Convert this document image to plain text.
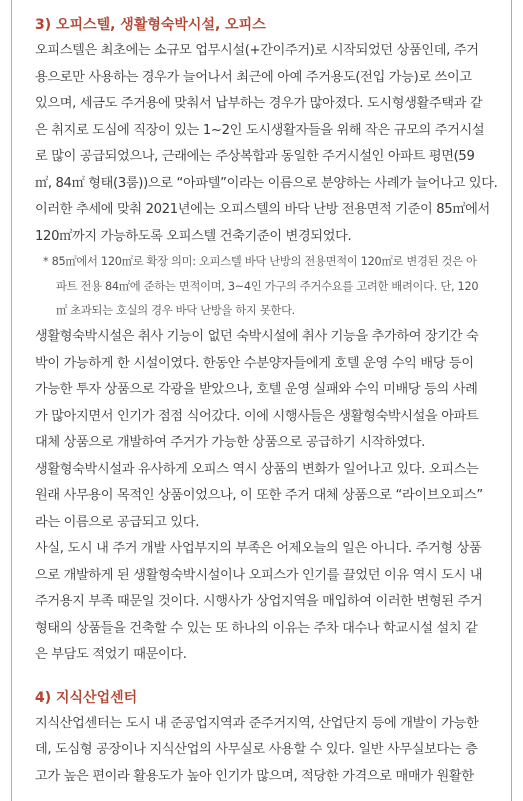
3) 오피스텔, 생활형숙박시설, 오피스
오피스텔은 최초에는 소규모 업무시설(+간이주거)로 시작되었던 상품인데, 주거
용으로만 사용하는 경우가 늘어나서 최근에 아예 주거용도(전입 가능)로 쓰이고
있으며, 세금도 주거용에 맞춰서 납부하는 경우가 많아졌다. 도시형생활주택과 같
은 취지로 도심에 직장이 있는 1~2인 도시생활자들을 위해 작은 규모의 주거시설
로 많이 공급되었으나, 근래에는 주상복합과 동일한 주거시설인 아파트 평면(59
㎡, 84㎡ 형태(3룸))으로 “아파텔”이라는 이름으로 분양하는 사례가 늘어나고 있다.
이러한 추세에 맞춰 2021년에는 오피스텔의 바닥 난방 전용면적 기준이 85㎡에서
120㎡까지 가능하도록 오피스텔 건축기준이 변경되었다.
* 85㎡에서 120㎡로 확장 의미: 오피스텔 바닥 난방의 전용면적이 120㎡로 변경된 것은 아
파트 전용 84㎡에 준하는 면적이며, 3~4인 가구의 주거수요를 고려한 배려이다. 단, 120
㎡ 초과되는 호실의 경우 바닥 난방을 하지 못한다.
생활형숙박시설은 취사 기능이 없던 숙박시설에 취사 기능을 추가하여 장기간 숙
박이 가능하게 한 시설이였다. 한동안 수분양자들에게 호텔 운영 수익 배당 등이
가능한 투자 상품으로 각광을 받았으나, 호텔 운영 실패와 수익 미배당 등의 사례
가 많아지면서 인기가 점점 식어갔다. 이에 시행사들은 생활형숙박시설을 아파트
대체 상품으로 개발하여 주거가 가능한 상품으로 공급하기 시작하였다.
생활형숙박시설과 유사하게 오피스 역시 상품의 변화가 일어나고 있다. 오피스는
원래 사무용이 목적인 상품이었으나, 이 또한 주거 대체 상품으로 “라이브오피스”
라는 이름으로 공급되고 있다.
사실, 도시 내 주거 개발 사업부지의 부족은 어제오늘의 일은 아니다. 주거형 상품
으로 개발하게 된 생활형숙박시설이나 오피스가 인기를 끌었던 이유 역시 도시 내
주거용지 부족 때문일 것이다. 시행사가 상업지역을 매입하여 이러한 변형된 주거
형태의 상품들을 건축할 수 있는 또 하나의 이유는 주차 대수나 학교시설 설치 같
은 부담도 적었기 때문이다.
4) 지식산업센터
지식산업센터는 도시 내 준공업지역과 준주거지역, 산업단지 등에 개발이 가능한
데, 도심형 공장이나 지식산업의 사무실로 사용할 수 있다. 일반 사무실보다는 층
고가 높은 편이라 활용도가 높아 인기가 많으며, 적당한 가격으로 매매가 원활한
